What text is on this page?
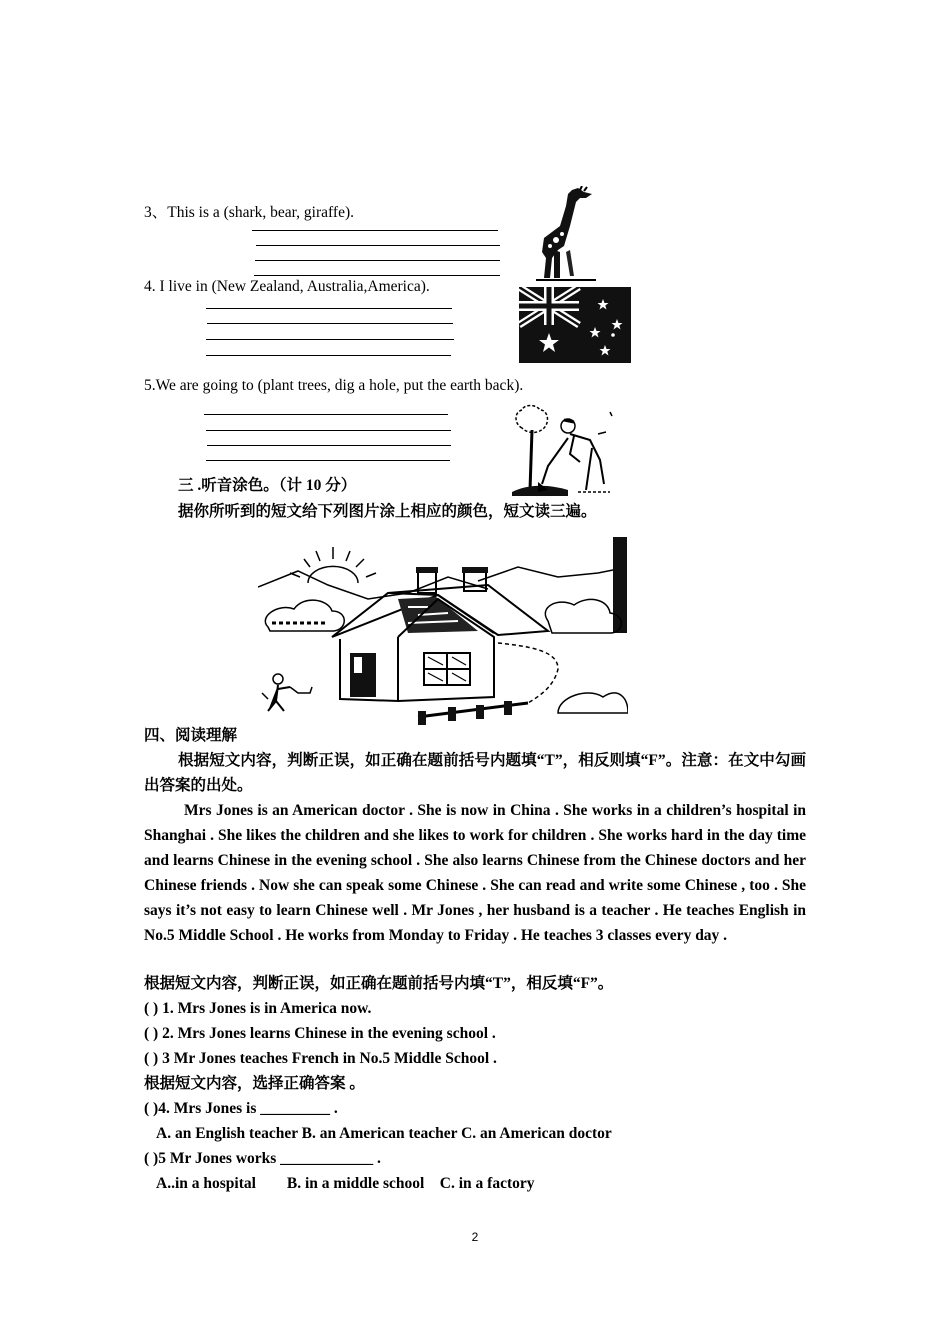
3、This is a (shark, bear, giraffe).
4. I live in (New Zealand, Australia,America).
5.We are going to (plant trees, dig a hole, put the earth back).
三 .听音涂色。（计 10 分）
据你所听到的短文给下列图片涂上相应的颜色，短文读三遍。
四、阅读理解
根据短文内容，判断正误，如正确在题前括号内题填“T”，相反则填“F”。注意：在文中勾画出答案的出处。
Mrs Jones is an American doctor . She is now in China . She works in a children’s hospital in Shanghai . She likes the children and she likes to work for children . She works hard in the day time and learns Chinese in the evening school . She also learns Chinese from the Chinese doctors and her Chinese friends . Now she can speak some Chinese . She can read and write some Chinese , too . She says it’s not easy to learn Chinese well . Mr Jones , her husband is a teacher . He teaches English in No.5 Middle School . He works from Monday to Friday . He teaches 3 classes every day .
根据短文内容，判断正误，如正确在题前括号内填“T”，相反填“F”。
( ) 1. Mrs Jones is in America now.
( ) 2. Mrs Jones learns Chinese in the evening school .
( ) 3 Mr Jones teaches French in No.5 Middle School .
根据短文内容，选择正确答案 。
( )4. Mrs Jones is _________ .
A. an English teacher B. an American teacher C. an American doctor
( )5 Mr Jones works ____________ .
A..in a hospital        B. in a middle school    C. in a factory
2
